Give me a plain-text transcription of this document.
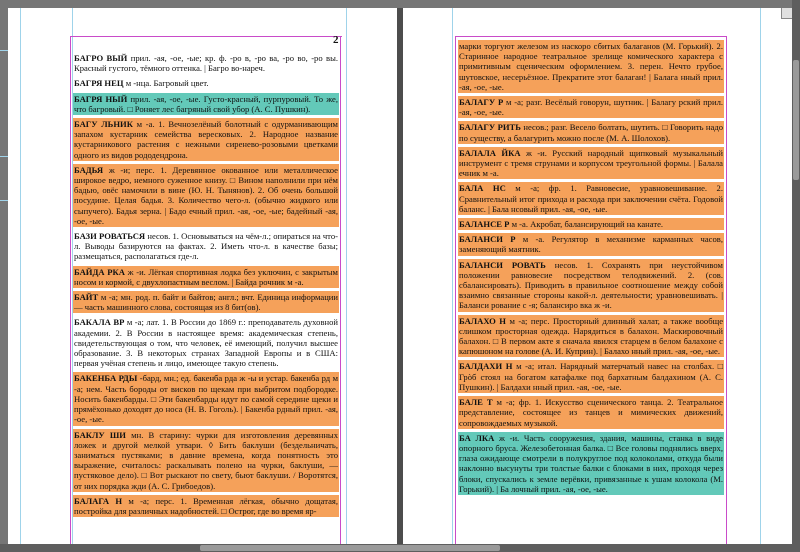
2

БАГРО ВЫЙ прил. -ая, -ое, -ые; кр. ф. -ро в, -ро ва, -ро во, -ро вы. Красный густого, тёмного оттенка. | Багро во-нареч.

БАГРЯ НЕЦ м -нца. Багровый цвет.

БАГРЯ НЫЙ прил. -ая, -ое, -ые. Густо-красный, пурпуровый. То же, что багровый. □ Роняет лес багряный свой убор (А. С. Пушкин).

БАГУ ЛЬНИК м -а. 1. Вечнозелёный болотный с одурманивающим запахом кустарник семейства вересковых. 2. Народное название кустарникового растения с нежными сиренево-розовыми цветками одного из видов рододендрона.

БАДЬЯ ж -и; перс. 1. Деревянное окованное или металлическое широкое ведро, немного суженное книзу. □ Вином наполнили при нём бадью, овёс намочили в вине (Ю. Н. Тынянов). 2. Об очень большой посудине. Целая бадья. 3. Количество чего-л. (обычно жидкого или сыпучего). Бадья зерна. | Бадо ечный прил. -ая, -ое, -ые; бадейный -ая, -ое, -ые.

БАЗИ РОВАТЬСЯ несов. 1. Основываться на чём-л.; опираться на что-л. Выводы базируются на фактах. 2. Иметь что-л. в качестве базы; размещаться, располагаться где-л.

БАЙДА РКА ж -и. Лёгкая спортивная лодка без уключин, с закрытым носом и кормой, с двухлопастным веслом. | Байда рочник м -а.

БАЙТ м -а; мн. род. п. байт и байтов; англ.; вчт. Единица информации — часть машинного слова, состоящая из 8 бит(ов).

БАКАЛА ВР м -а; лат. 1. В России до 1869 г.: преподаватель духовной академии. 2. В России в настоящее время: академическая степень, свидетельствующая о том, что человек, её имеющий, получил высшее образование. 3. В некоторых странах Западной Европы и в США: первая учёная степень и лицо, имеющее такую степень.

БАКЕНБА РДЫ -бард, мн.; ед. бакенба рда ж -ы и устар. бакенба рд м -а; нем. Часть бороды от висков по щекам при выбритом подбородке. Носить бакенбарды. □ Эти бакенбарды идут по самой середине щеки и прямёхонько доходят до носа (Н. В. Гоголь). | Бакенба рдный прил. -ая, -ое, -ые.

БАКЛУ ШИ мн. В старину: чурки для изготовления деревянных ложек и другой мелкой утвари. ◊ Бить баклуши (бездельничать, заниматься пустяками; в давние времена, когда понятность это выражение, считалось: раскалывать полено на чурки, баклуши, — пустяковое дело). □ Вот рыскают по свету, бьют баклуши. / Воротятся, от них порядка жди (А. С. Грибоедов).

БАЛАГА Н м -а; перс. 1. Временная лёгкая, обычно дощатая, постройка для различных надобностей. □ Острог, где во время яр-

марки торгуют железом из наскоро сбитых балаганов (М. Горький). 2. Старинное народное театральное зрелище комического характера с примитивным сценическим оформлением. 3. перен. Нечто грубое, шутовское, несерьёзное. Прекратите этот балаган! | Балага нный прил. -ая, -ое, -ые.

БАЛАГУ Р м -а; разг. Весёлый говорун, шутник. | Балагу рский прил. -ая, -ое, -ые.

БАЛАГУ РИТЬ несов.; разг. Весело болтать, шутить. □ Говорить надо по существу, а балагурить можно после (М. А. Шолохов).

БАЛАЛА ЙКА ж -и. Русский народный щипковый музыкальный инструмент с тремя струнами и корпусом треугольной формы. | Балала ечник м -а.

БАЛА НС м -а; фр. 1. Равновесие, уравновешивание. 2. Сравнительный итог прихода и расхода при заключении счёта. Годовой баланс. | Бала нсовый прил. -ая, -ое, -ые.

БАЛАНСЕ Р м -а. Акробат, балансирующий на канате.

БАЛАНСИ Р м -а. Регулятор в механизме карманных часов, заменяющий маятник.

БАЛАНСИ РОВАТЬ несов. 1. Сохранять при неустойчивом положении равновесие посредством телодвижений. 2. (сов. сбалансировать). Приводить в правильное соотношение между собой взаимно связанные стороны какой-л. деятельности; уравновешивать. | Баланси рование с -я; балансиро вка ж -и.

БАЛАХО Н м -а; перс. Просторный длинный халат, а также вообще слишком просторная одежда. Нарядиться в балахон. Маскировочный балахон. □ В первом акте я сначала явился старцем в белом балахоне с капюшоном на голове (А. И. Куприн). | Балахо нный прил. -ая, -ое, -ые.

БАЛДАХИ Н м -а; итал. Нарядный матерчатый навес на столбах. □ Грòб стоял на богатом катафалке под бархатным балдахином (А. С. Пушкин). | Балдахи нный прил. -ая, -ое, -ые.

БАЛЕ Т м -а; фр. 1. Искусство сценического танца. 2. Театральное представление, состоящее из танцев и мимических движений, сопровождаемых музыкой.

БА ЛКА ж -и. Часть сооружения, здания, машины, станка в виде опорного бруса. Железобетонная балка. □ Все головы поднялись вверх, глаза ожидающе смотрели в полукруглое под колоколами, откуда были наклонно высунуты три толстые балки с блоками в них, проходя через блоки, спускались к земле верёвки, привязанные к ушам колокола (М. Горький). | Ба лочный прил. -ая, -ое, -ые.
